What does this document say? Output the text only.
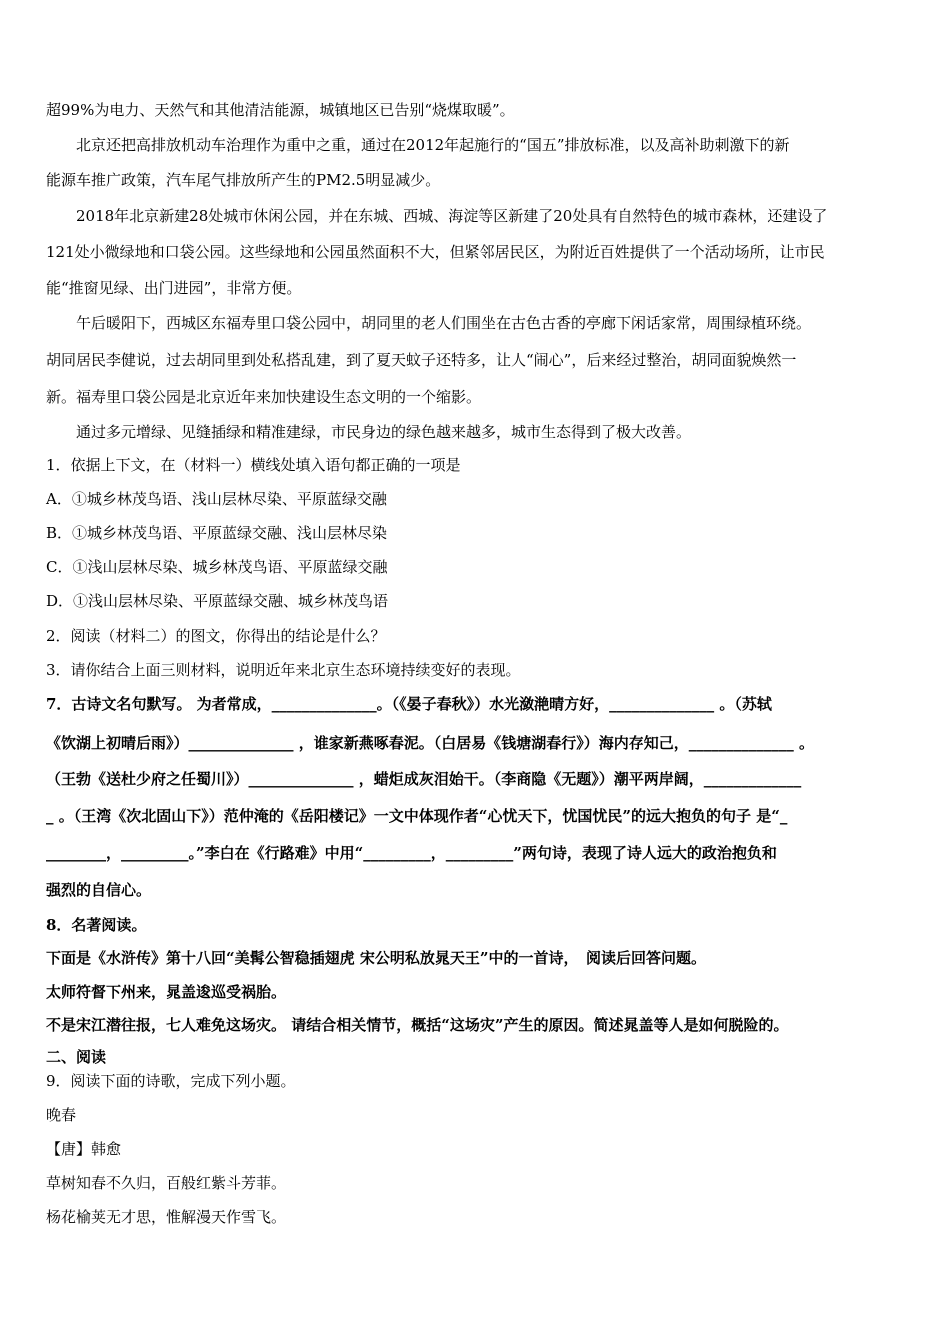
超99%为电力、天然气和其他清洁能源，城镇地区已告别“烧煤取暖”。
北京还把高排放机动车治理作为重中之重，通过在2012年起施行的“国五”排放标准，以及高补助刺激下的新
能源车推广政策，汽车尾气排放所产生的PM2.5明显减少。
2018年北京新建28处城市休闲公园，并在东城、西城、海淀等区新建了20处具有自然特色的城市森林，还建设了
121处小微绿地和口袋公园。这些绿地和公园虽然面积不大，但紧邻居民区，为附近百姓提供了一个活动场所，让市民
能“推窗见绿、出门进园”，非常方便。
午后暖阳下，西城区东福寿里口袋公园中，胡同里的老人们围坐在古色古香的亭廊下闲话家常，周围绿植环绕。
胡同居民李健说，过去胡同里到处私搭乱建，到了夏天蚊子还特多，让人“闹心”，后来经过整治，胡同面貌焕然一
新。福寿里口袋公园是北京近年来加快建设生态文明的一个缩影。
通过多元增绿、见缝插绿和精准建绿，市民身边的绿色越来越多，城市生态得到了极大改善。
1．依据上下文，在（材料一）横线处填入语句都正确的一项是
A．①城乡林茂鸟语、浅山层林尽染、平原蓝绿交融
B．①城乡林茂鸟语、平原蓝绿交融、浅山层林尽染
C．①浅山层林尽染、城乡林茂鸟语、平原蓝绿交融
D．①浅山层林尽染、平原蓝绿交融、城乡林茂鸟语
2．阅读（材料二）的图文，你得出的结论是什么？
3．请你结合上面三则材料，说明近年来北京生态环境持续变好的表现。
7．古诗文名句默写。 为者常成，______________。（《晏子春秋》）水光潋滟晴方好，______________ 。（苏轼
《饮湖上初晴后雨》）______________ ，谁家新燕啄春泥。（白居易《钱塘湖春行》）海内存知己，______________ 。
（王勃《送杜少府之任蜀川》）______________ ，蜡炬成灰泪始干。（李商隐《无题》）潮平两岸阔，_____________
_ 。（王湾《次北固山下》）范仲淹的《岳阳楼记》一文中体现作者“心忧天下，忧国忧民”的远大抱负的句子 是“_
________，_________。”李白在《行路难》中用“_________，_________”两句诗，表现了诗人远大的政治抱负和
强烈的自信心。
8．名著阅读。
下面是《水浒传》第十八回“美髯公智稳插翅虎 宋公明私放晁天王”中的一首诗，　阅读后回答问题。
太师符督下州来，晁盖逡巡受祸胎。
不是宋江潜往报，七人难免这场灾。 请结合相关情节，概括“这场灾”产生的原因。简述晁盖等人是如何脱险的。
二、阅读
9．阅读下面的诗歌，完成下列小题。
晚春
【唐】韩愈
草树知春不久归，百般红紫斗芳菲。
杨花榆荚无才思，惟解漫天作雪飞。
